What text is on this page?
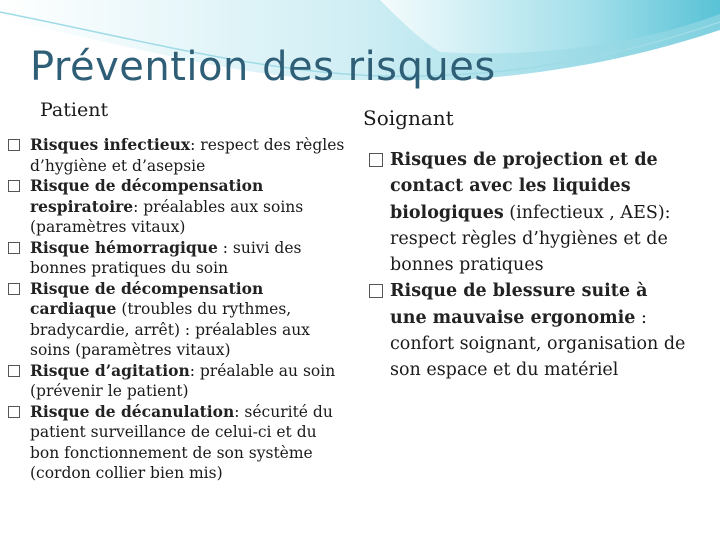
Prévention des risques
Patient	Soignant
Risques infectieux: respect des règles d’hygiène et d’asepsie
Risque de décompensation respiratoire: préalables aux soins (paramètres vitaux)
Risque hémorragique : suivi des bonnes pratiques du soin
Risque de décompensation cardiaque (troubles du rythmes, bradycardie, arrêt) : préalables aux soins (paramètres vitaux)
Risque d’agitation: préalable au soin (prévenir le patient)
Risque de décanulation: sécurité du patient surveillance de celui-ci et du bon fonctionnement de son système (cordon collier bien mis)
Risques de projection et de contact avec les liquides biologiques (infectieux , AES): respect règles d’hygiènes et de bonnes pratiques
Risque de blessure suite à une mauvaise ergonomie : confort soignant, organisation de son espace et du matériel
